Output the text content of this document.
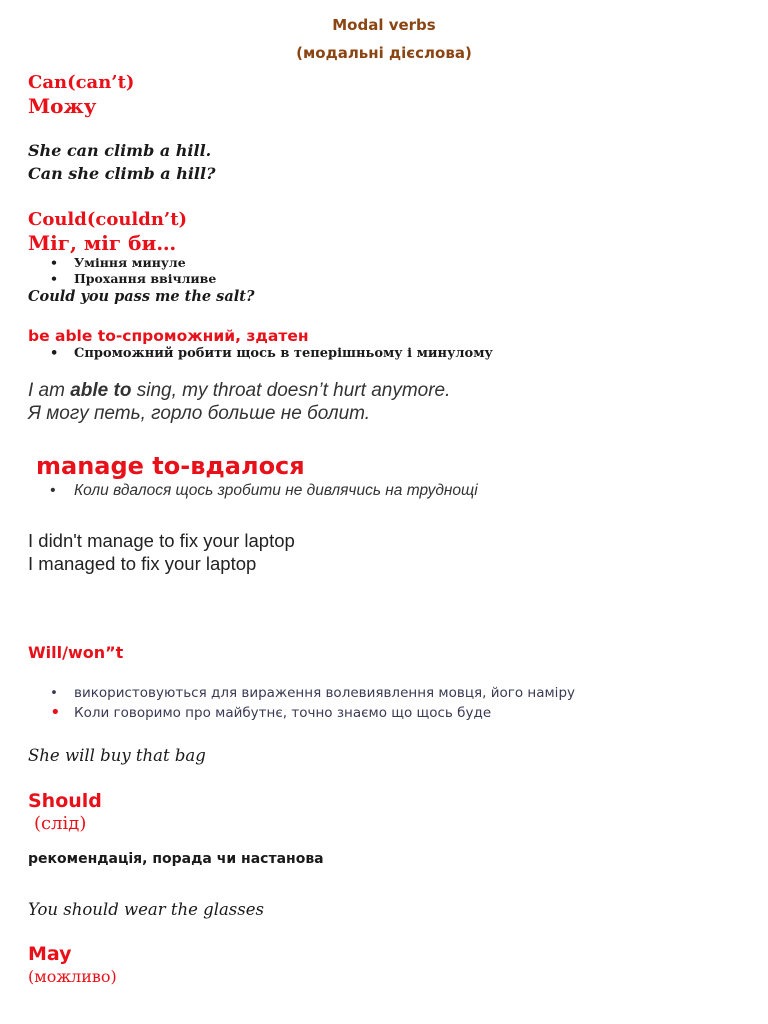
Modal verbs
(модальні дієслова)
Can(can’t)
Можу
She can climb a hill.
Can she climb a hill?
Could(couldn’t)
Міг, міг би…
• Уміння минуле
• Прохання ввічливе
Could you pass me the salt?
be able to-спроможний, здатен
• Спроможний робити щось в теперішньому і минулому
I am able to sing, my throat doesn’t hurt anymore.
Я могу петь, горло больше не болит.
manage to-вдалося
• Коли вдалося щось зробити не дивлячись на труднощі
I didn't manage to fix your laptop
I managed to fix your laptop
Will/won”t
• використовуються для вираження волевиявлення мовця, його наміру
• Коли говоримо про майбутнє, точно знаємо що щось буде
She will buy that bag
Should
(слід)
рекомендація, порада чи настанова
You should wear the glasses
May
(можливо)
